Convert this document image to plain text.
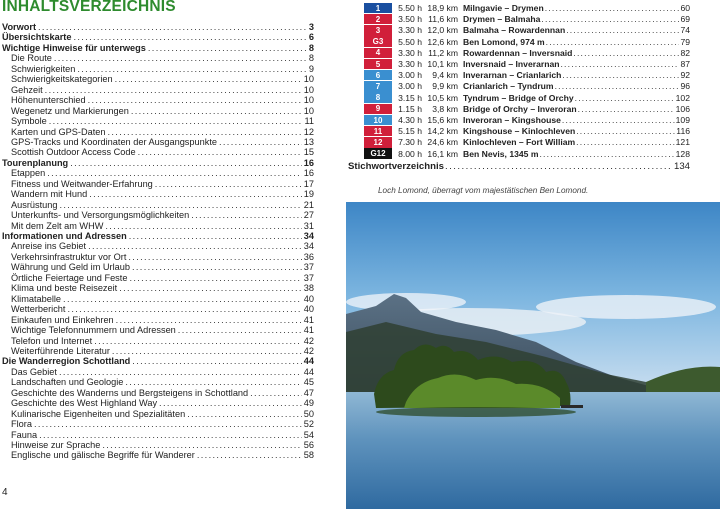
INHALTSVERZEICHNIS
Vorwort . . .	3
Übersichtskarte . . .	6
Wichtige Hinweise für unterwegs . . .	8
Die Route . . .	8
Schwierigkeiten . . .	9
Schwierigkeitskategorien . . .	10
Gehzeit . . .	10
Höhenunterschied . . .	10
Wegenetz und Markierungen . . .	10
Symbole . . .	11
Karten und GPS-Daten . . .	12
GPS-Tracks und Koordinaten der Ausgangspunkte . . .	13
Scottish Outdoor Access Code . . .	15
Tourenplanung . . .	16
Etappen . . .	16
Fitness und Weitwander-Erfahrung . . .	17
Wandern mit Hund . . .	19
Ausrüstung . . .	21
Unterkunfts- und Versorgungsmöglichkeiten . . .	27
Mit dem Zelt am WHW . . .	31
Informationen und Adressen . . .	34
Anreise ins Gebiet . . .	34
Verkehrsinfrastruktur vor Ort . . .	36
Währung und Geld im Urlaub . . .	37
Örtliche Feiertage und Feste . . .	37
Klima und beste Reisezeit . . .	38
Klimatabelle . . .	40
Wetterbericht . . .	40
Einkaufen und Einkehren . . .	41
Wichtige Telefonnummern und Adressen . . .	41
Telefon und Internet . . .	42
Weiterführende Literatur . . .	42
Die Wanderregion Schottland . . .	44
Das Gebiet . . .	44
Landschaften und Geologie . . .	45
Geschichte des Wanderns und Bergsteigens in Schottland . . .	47
Geschichte des West Highland Way . . .	49
Kulinarische Eigenheiten und Spezialitäten . . .	50
Flora . . .	52
Fauna . . .	54
Hinweise zur Sprache . . .	56
Englische und gälische Begriffe für Wanderer . . .	58
4
1	5.50 h 18,9 km Milngavie – Drymen . . .	60
2	3.50 h 11,6 km Drymen – Balmaha . . .	69
3	3.30 h 12,0 km Balmaha – Rowardennan . . .	74
G3	5.50 h 12,6 km Ben Lomond, 974 m . . .	79
4	3.30 h 11,2 km Rowardennan – Inversnaid . . .	82
5	3.30 h 10,1 km Inversnaid – Inverarnan . . .	87
6	3.00 h	9,4 km Inverarnan – Crianlarich . . .	92
7	3.00 h	9,9 km Crianlarich – Tyndrum . . .	96
8	3.15 h 10,5 km Tyndrum – Bridge of Orchy . . .	102
9	1.15 h	3,8 km Bridge of Orchy – Inveroran . . .	106
10	4.30 h 15,6 km Inveroran – Kingshouse . . .	109
11	5.15 h 14,2 km Kingshouse – Kinlochleven . . .	116
12	7.30 h 24,6 km Kinlochleven – Fort William . . .	121
G12	8.00 h 16,1 km Ben Nevis, 1345 m . . .	128
Stichwortverzeichnis . . .	134
Loch Lomond, überragt vom majestätischen Ben Lomond.
